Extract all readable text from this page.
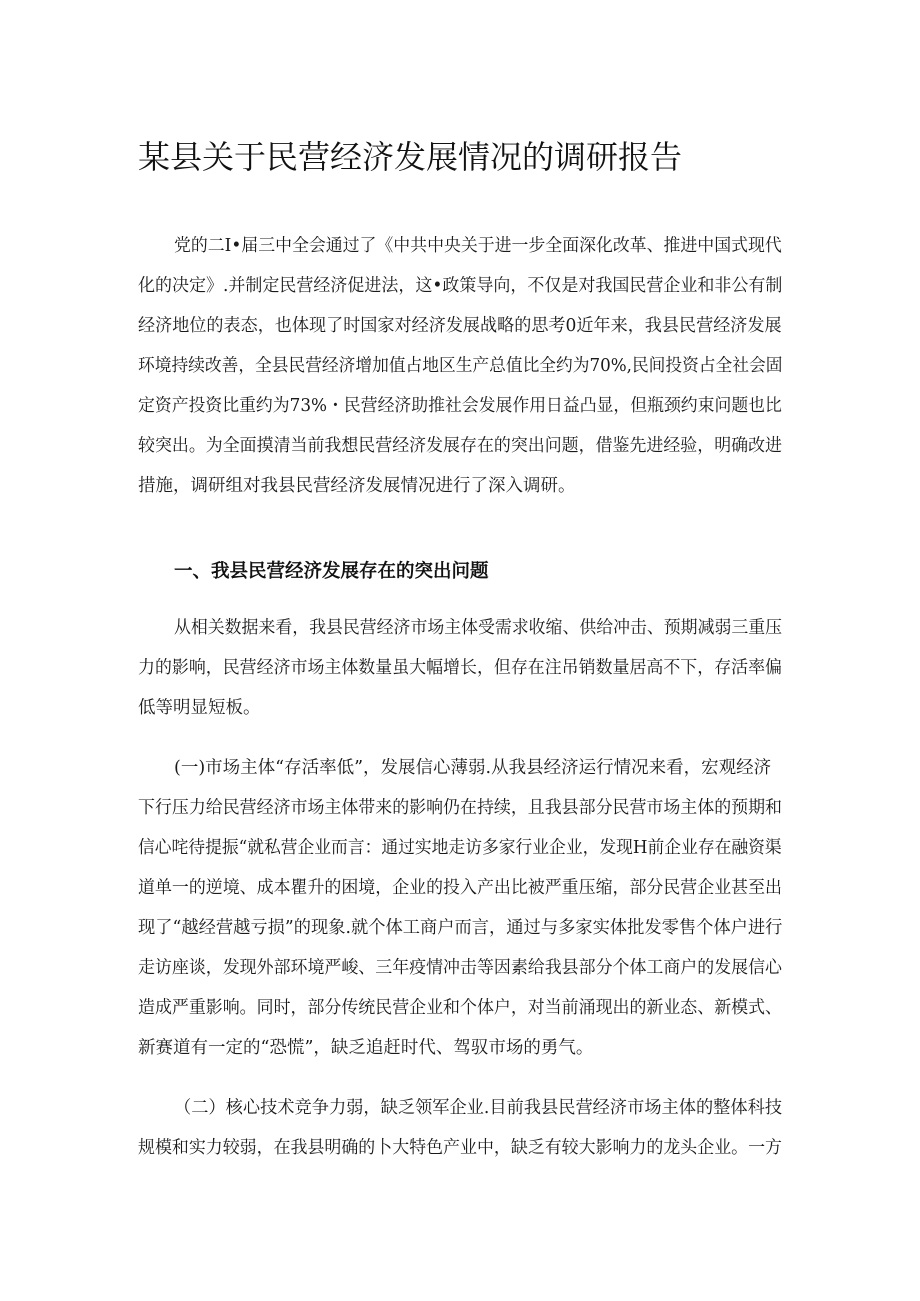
某县关于民营经济发展情况的调研报告

党的二I•届三中全会通过了《中共中央关于进一步全面深化改革、推进中国式现代

化的决定》.并制定民营经济促进法，这•政策导向，不仅是对我国民营企业和非公有制

经济地位的表态，也体现了时国家对经济发展战略的思考0近年来，我县民营经济发展

环境持续改善，全县民营经济增加值占地区生产总值比全约为70%,民间投资占全社会固

定资产投资比重约为73%・民营经济助推社会发展作用日益凸显，但瓶颈约束问题也比

较突出。为全面摸清当前我想民营经济发展存在的突出问题，借鉴先进经验，明确改进

措施，调研组对我县民营经济发展情况进行了深入调研。

一、我县民营经济发展存在的突出问题

从相关数据来看，我县民营经济市场主体受需求收缩、供给冲击、预期减弱三重压

力的影响，民营经济市场主体数量虽大幅增长，但存在注吊销数量居高不下，存活率偏

低等明显短板。

(一)市场主体“存活率低”，发展信心薄弱.从我县经济运行情况来看，宏观经济

下行压力给民营经济市场主体带来的影响仍在持续，且我县部分民营市场主体的预期和

信心咤待提振“就私营企业而言：通过实地走访多家行业企业，发现H前企业存在融资渠

道单一的逆境、成本瞿升的困境，企业的投入产出比被严重压缩，部分民营企业甚至出

现了“越经营越亏损”的现象.就个体工商户而言，通过与多家实体批发零售个体户进行

走访座谈，发现外部环境严峻、三年疫情冲击等因素给我县部分个体工商户的发展信心

造成严重影响。同时，部分传统民营企业和个体户，对当前涌现出的新业态、新模式、

新赛道有一定的“恐慌”，缺乏追赶时代、驾驭市场的勇气。

（二）核心技术竞争力弱，缺乏领军企业.目前我县民营经济市场主体的整体科技

规模和实力较弱，在我县明确的卜大特色产业中，缺乏有较大影响力的龙头企业。一方
